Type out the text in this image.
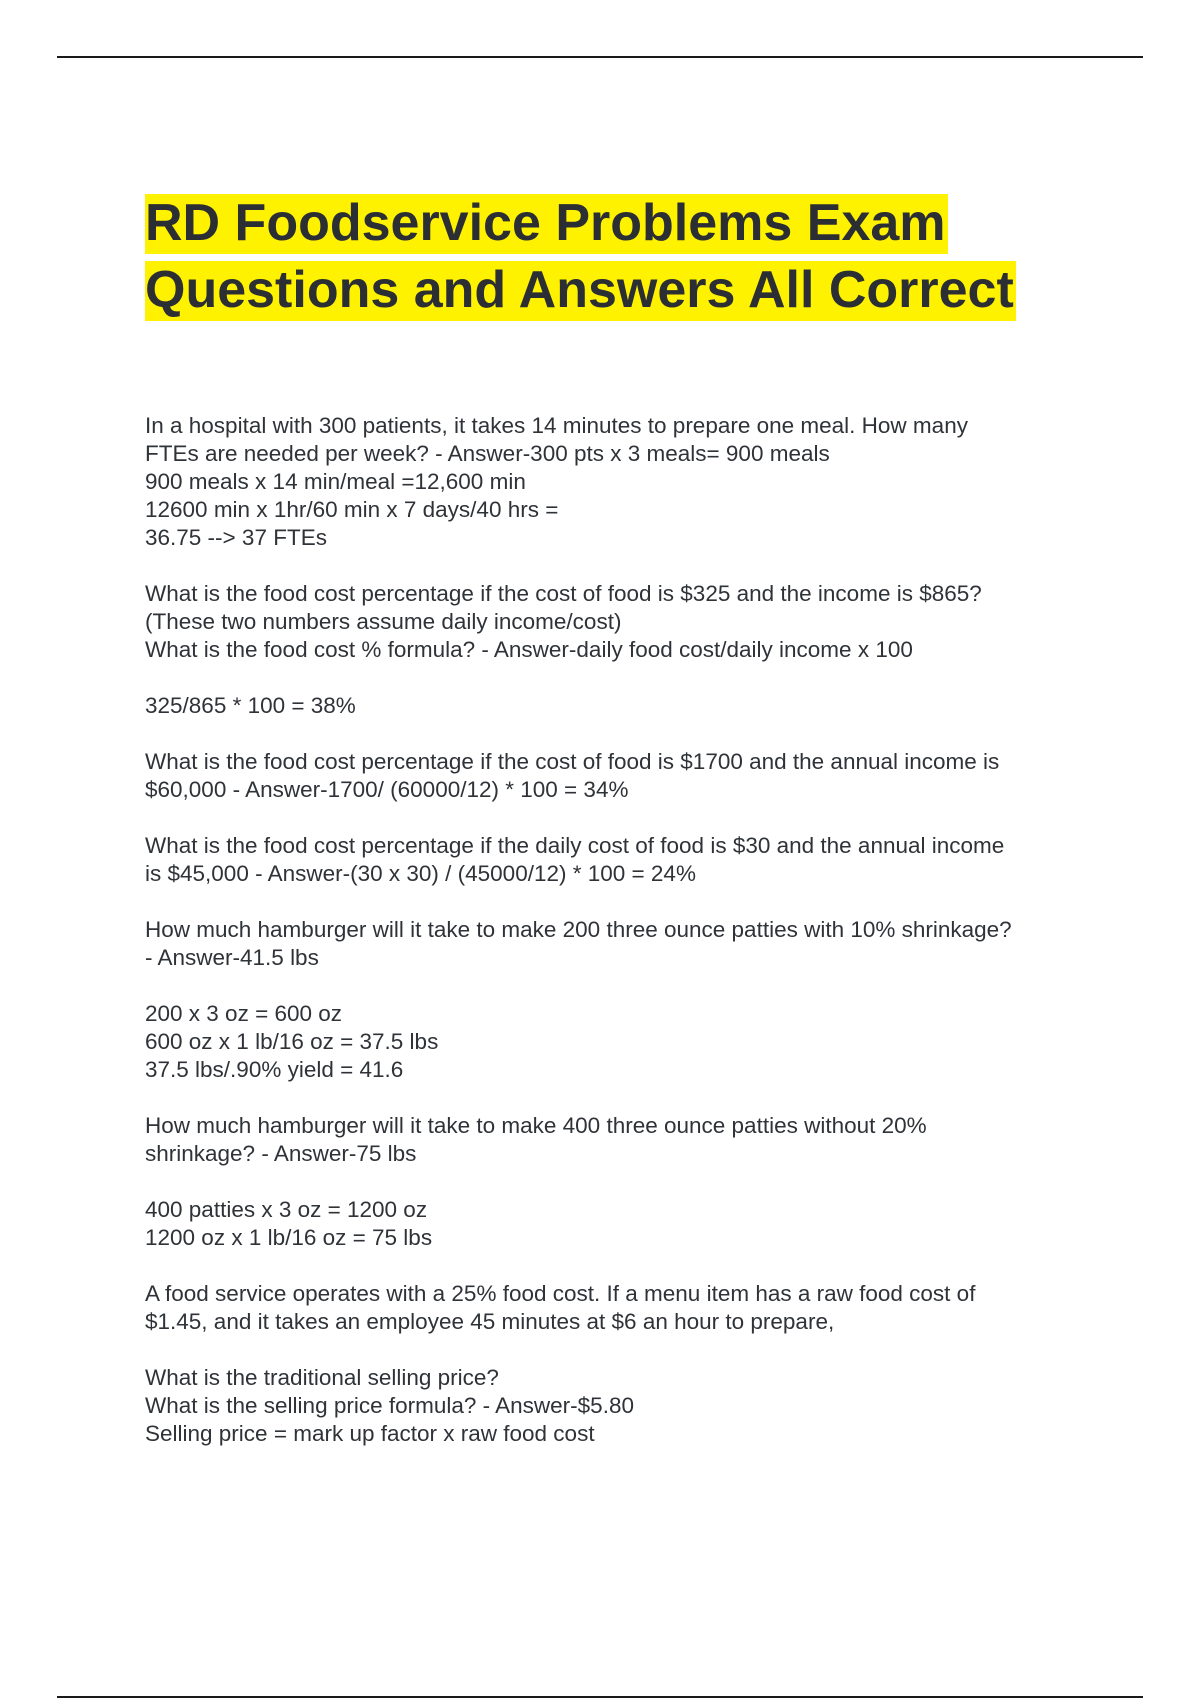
RD Foodservice Problems Exam
Questions and Answers All Correct
In a hospital with 300 patients, it takes 14 minutes to prepare one meal. How many
FTEs are needed per week? - Answer-300 pts x 3 meals= 900 meals
900 meals x 14 min/meal =12,600 min
12600 min x 1hr/60 min x 7 days/40 hrs =
36.75 --> 37 FTEs
What is the food cost percentage if the cost of food is $325 and the income is $865?
(These two numbers assume daily income/cost)
What is the food cost % formula? - Answer-daily food cost/daily income x 100
325/865 * 100 = 38%
What is the food cost percentage if the cost of food is $1700 and the annual income is
$60,000 - Answer-1700/ (60000/12) * 100 = 34%
What is the food cost percentage if the daily cost of food is $30 and the annual income
is $45,000 - Answer-(30 x 30) / (45000/12) * 100 = 24%
How much hamburger will it take to make 200 three ounce patties with 10% shrinkage?
- Answer-41.5 lbs
200 x 3 oz = 600 oz
600 oz x 1 lb/16 oz = 37.5 lbs
37.5 lbs/.90% yield = 41.6
How much hamburger will it take to make 400 three ounce patties without 20%
shrinkage? - Answer-75 lbs
400 patties x 3 oz = 1200 oz
1200 oz x 1 lb/16 oz = 75 lbs
A food service operates with a 25% food cost. If a menu item has a raw food cost of
$1.45, and it takes an employee 45 minutes at $6 an hour to prepare,
What is the traditional selling price?
What is the selling price formula? - Answer-$5.80
Selling price = mark up factor x raw food cost
